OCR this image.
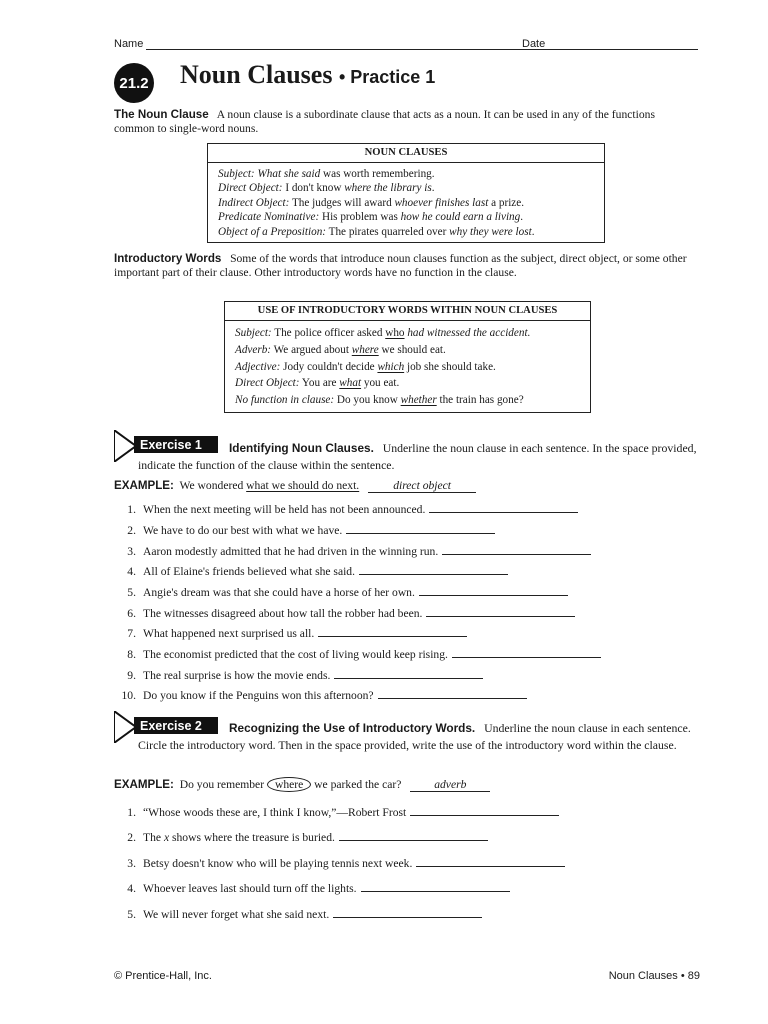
Name	Date
21.2 Noun Clauses • Practice 1
The Noun Clause A noun clause is a subordinate clause that acts as a noun. It can be used in any of the functions common to single-word nouns.
NOUN CLAUSES
Subject: What she said was worth remembering.
Direct Object: I don't know where the library is.
Indirect Object: The judges will award whoever finishes last a prize.
Predicate Nominative: His problem was how he could earn a living.
Object of a Preposition: The pirates quarreled over why they were lost.
Introductory Words Some of the words that introduce noun clauses function as the subject, direct object, or some other important part of their clause. Other introductory words have no function in the clause.
USE OF INTRODUCTORY WORDS WITHIN NOUN CLAUSES
Subject: The police officer asked who had witnessed the accident.
Adverb: We argued about where we should eat.
Adjective: Jody couldn't decide which job she should take.
Direct Object: You are what you eat.
No function in clause: Do you know whether the train has gone?
Exercise 1	Identifying Noun Clauses. Underline the noun clause in each sentence. In the space provided, indicate the function of the clause within the sentence.
EXAMPLE: We wondered what we should do next.	direct object
1. When the next meeting will be held has not been announced.
2. We have to do our best with what we have.
3. Aaron modestly admitted that he had driven in the winning run.
4. All of Elaine's friends believed what she said.
5. Angie's dream was that she could have a horse of her own.
6. The witnesses disagreed about how tall the robber had been.
7. What happened next surprised us all.
8. The economist predicted that the cost of living would keep rising.
9. The real surprise is how the movie ends.
10. Do you know if the Penguins won this afternoon?
Exercise 2	Recognizing the Use of Introductory Words. Underline the noun clause in each sentence. Circle the introductory word. Then in the space provided, write the use of the introductory word within the clause.
EXAMPLE: Do you remember where we parked the car?	adverb
1. “Whose woods these are, I think I know,”—Robert Frost
2. The x shows where the treasure is buried.
3. Betsy doesn't know who will be playing tennis next week.
4. Whoever leaves last should turn off the lights.
5. We will never forget what she said next.
© Prentice-Hall, Inc.	Noun Clauses • 89
